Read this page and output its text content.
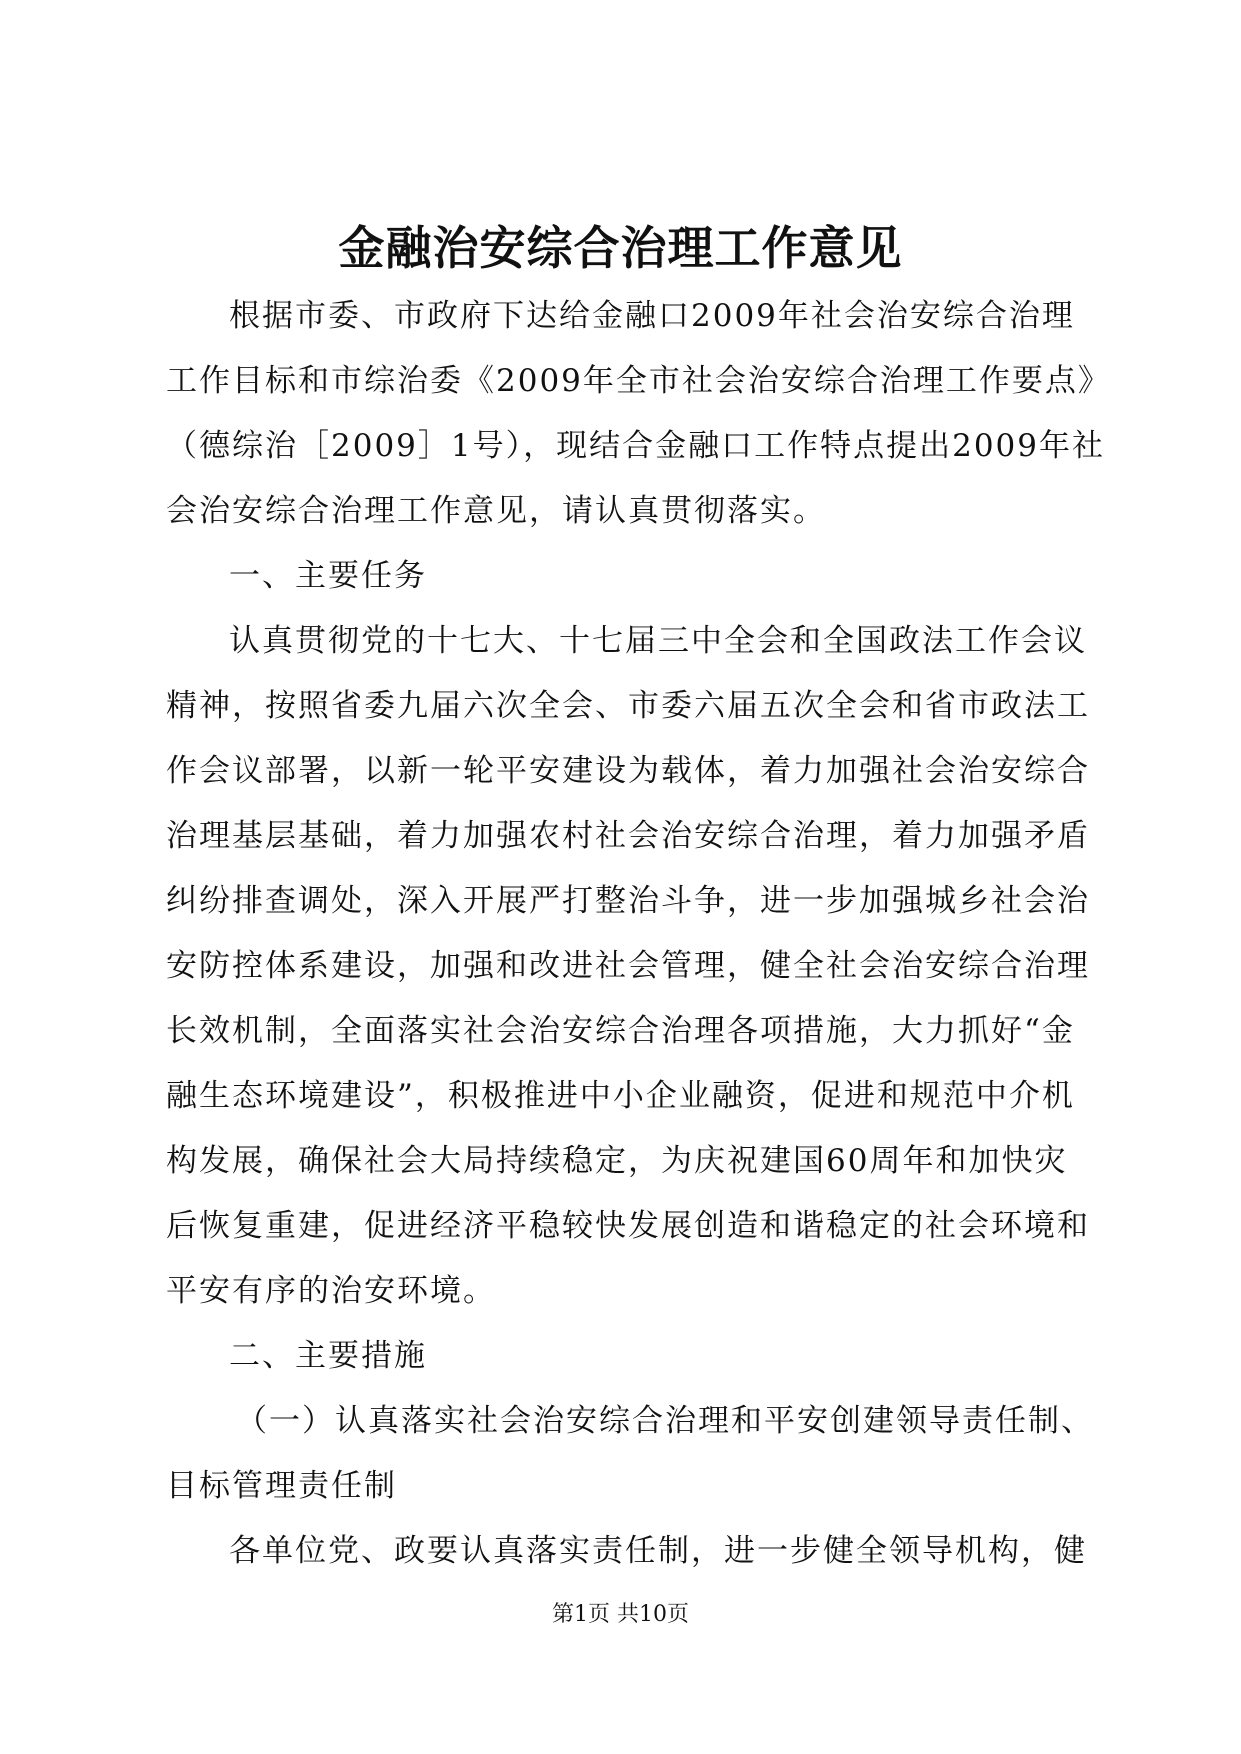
金融治安综合治理工作意见
根据市委、市政府下达给金融口2009年社会治安综合治理
工作目标和市综治委《2009年全市社会治安综合治理工作要点》
（德综治［2009］1号），现结合金融口工作特点提出2009年社
会治安综合治理工作意见，请认真贯彻落实。
一、主要任务
认真贯彻党的十七大、十七届三中全会和全国政法工作会议
精神，按照省委九届六次全会、市委六届五次全会和省市政法工
作会议部署，以新一轮平安建设为载体，着力加强社会治安综合
治理基层基础，着力加强农村社会治安综合治理，着力加强矛盾
纠纷排查调处，深入开展严打整治斗争，进一步加强城乡社会治
安防控体系建设，加强和改进社会管理，健全社会治安综合治理
长效机制，全面落实社会治安综合治理各项措施，大力抓好“金
融生态环境建设”，积极推进中小企业融资，促进和规范中介机
构发展，确保社会大局持续稳定，为庆祝建国60周年和加快灾
后恢复重建，促进经济平稳较快发展创造和谐稳定的社会环境和
平安有序的治安环境。
二、主要措施
（一）认真落实社会治安综合治理和平安创建领导责任制、
目标管理责任制
各单位党、政要认真落实责任制，进一步健全领导机构，健
第1页 共10页
